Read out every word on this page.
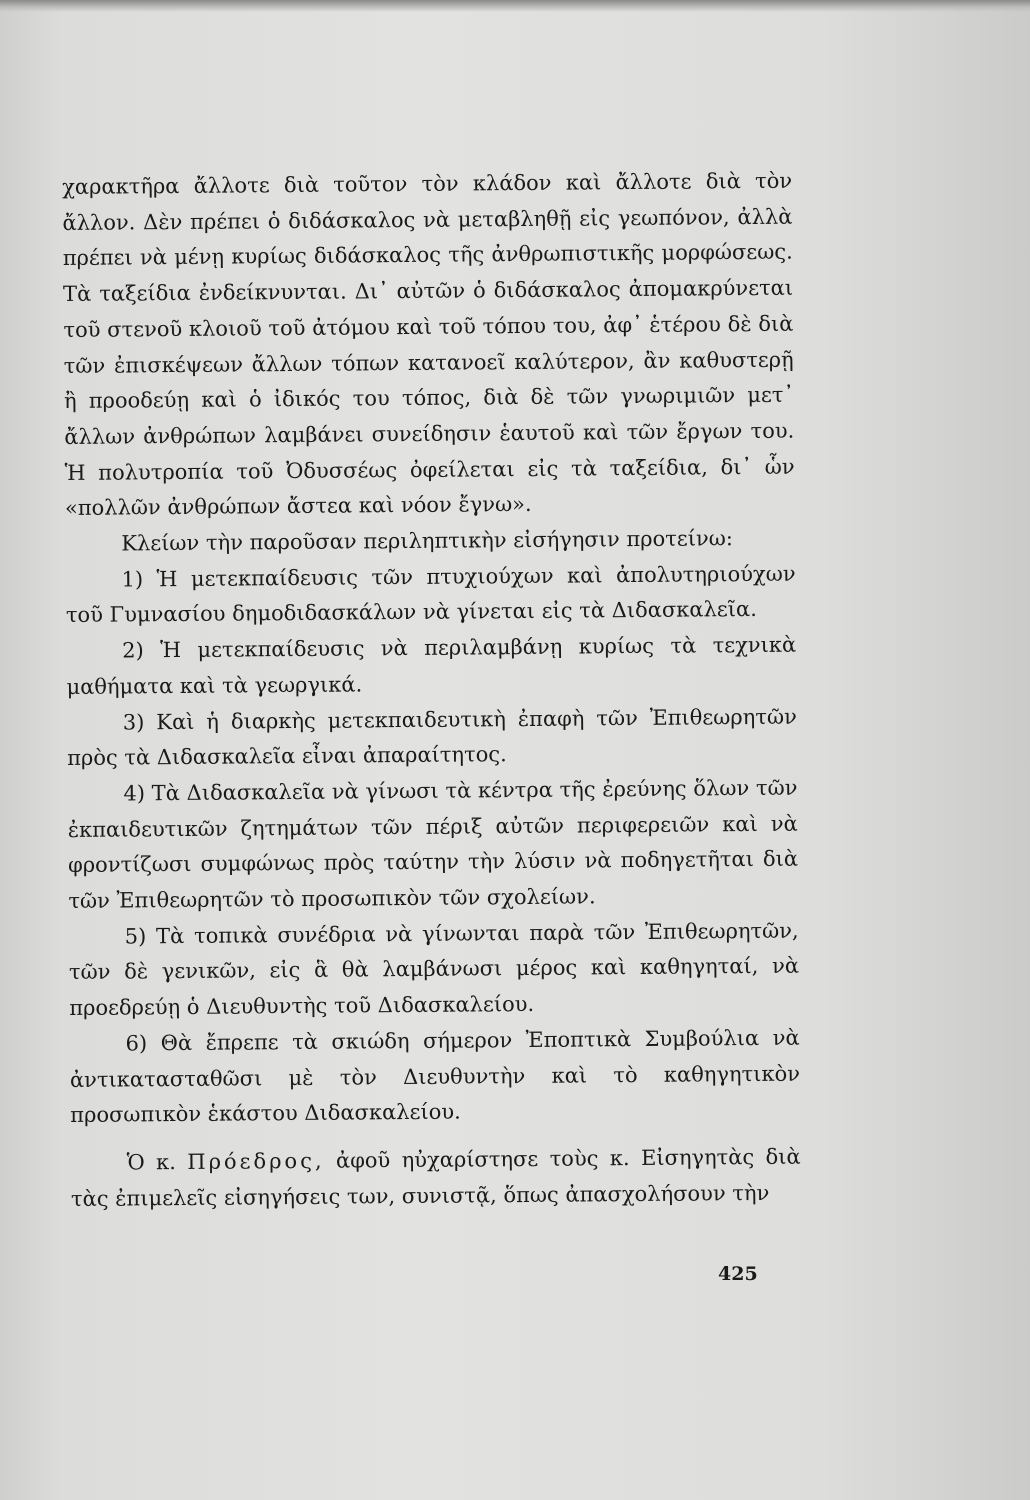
χαρακτῆρα ἄλλοτε διὰ τοῦτον τὸν κλάδον καὶ ἄλλοτε διὰ τὸν ἄλλον. Δὲν πρέπει ὁ διδάσκαλος νὰ μεταβληθῇ εἰς γεωπόνον, ἀλλὰ πρέπει νὰ μένῃ κυρίως διδάσκαλος τῆς ἀνθρωπιστικῆς μορφώσεως. Τὰ ταξείδια ἐνδείκνυνται. Δι᾽ αὐτῶν ὁ διδάσκαλος ἀπομακρύνεται τοῦ στενοῦ κλοιοῦ τοῦ ἀτόμου καὶ τοῦ τόπου του, ἀφ᾽ ἑτέρου δὲ διὰ τῶν ἐπισκέψεων ἄλλων τόπων κατανοεῖ καλύτερον, ἂν καθυστερῇ ἢ προοδεύῃ καὶ ὁ ἰδικός του τόπος, διὰ δὲ τῶν γνωριμιῶν μετ᾽ ἄλλων ἀνθρώπων λαμβάνει συνείδησιν ἑαυτοῦ καὶ τῶν ἔργων του. Ἡ πολυτροπία τοῦ Ὀδυσσέως ὀφείλεται εἰς τὰ ταξείδια, δι᾽ ὧν «πολλῶν ἀνθρώπων ἄστεα καὶ νόον ἔγνω».

Κλείων τὴν παροῦσαν περιληπτικὴν εἰσήγησιν προτείνω:

1) Ἡ μετεκπαίδευσις τῶν πτυχιούχων καὶ ἀπολυτηριούχων τοῦ Γυμνασίου δημοδιδασκάλων νὰ γίνεται εἰς τὰ Διδασκαλεῖα.

2) Ἡ μετεκπαίδευσις νὰ περιλαμβάνῃ κυρίως τὰ τεχνικὰ μαθήματα καὶ τὰ γεωργικά.

3) Καὶ ἡ διαρκὴς μετεκπαιδευτικὴ ἐπαφὴ τῶν Ἐπιθεωρητῶν πρὸς τὰ Διδασκαλεῖα εἶναι ἀπαραίτητος.

4) Τὰ Διδασκαλεῖα νὰ γίνωσι τὰ κέντρα τῆς ἐρεύνης ὅλων τῶν ἐκπαιδευτικῶν ζητημάτων τῶν πέριξ αὐτῶν περιφερειῶν καὶ νὰ φροντίζωσι συμφώνως πρὸς ταύτην τὴν λύσιν νὰ ποδηγετῆται διὰ τῶν Ἐπιθεωρητῶν τὸ προσωπικὸν τῶν σχολείων.

5) Τὰ τοπικὰ συνέδρια νὰ γίνωνται παρὰ τῶν Ἐπιθεωρητῶν, τῶν δὲ γενικῶν, εἰς ἃ θὰ λαμβάνωσι μέρος καὶ καθηγηταί, νὰ προεδρεύῃ ὁ Διευθυντὴς τοῦ Διδασκαλείου.

6) Θὰ ἔπρεπε τὰ σκιώδη σήμερον Ἐποπτικὰ Συμβούλια νὰ ἀντικατασταθῶσι μὲ τὸν Διευθυντὴν καὶ τὸ καθηγητικὸν προσωπικὸν ἑκάστου Διδασκαλείου.

Ὁ κ. Πρόεδρος, ἀφοῦ ηὐχαρίστησε τοὺς κ. Εἰσηγητὰς διὰ τὰς ἐπιμελεῖς εἰσηγήσεις των, συνιστᾷ, ὅπως ἀπασχολήσουν τὴν

425
